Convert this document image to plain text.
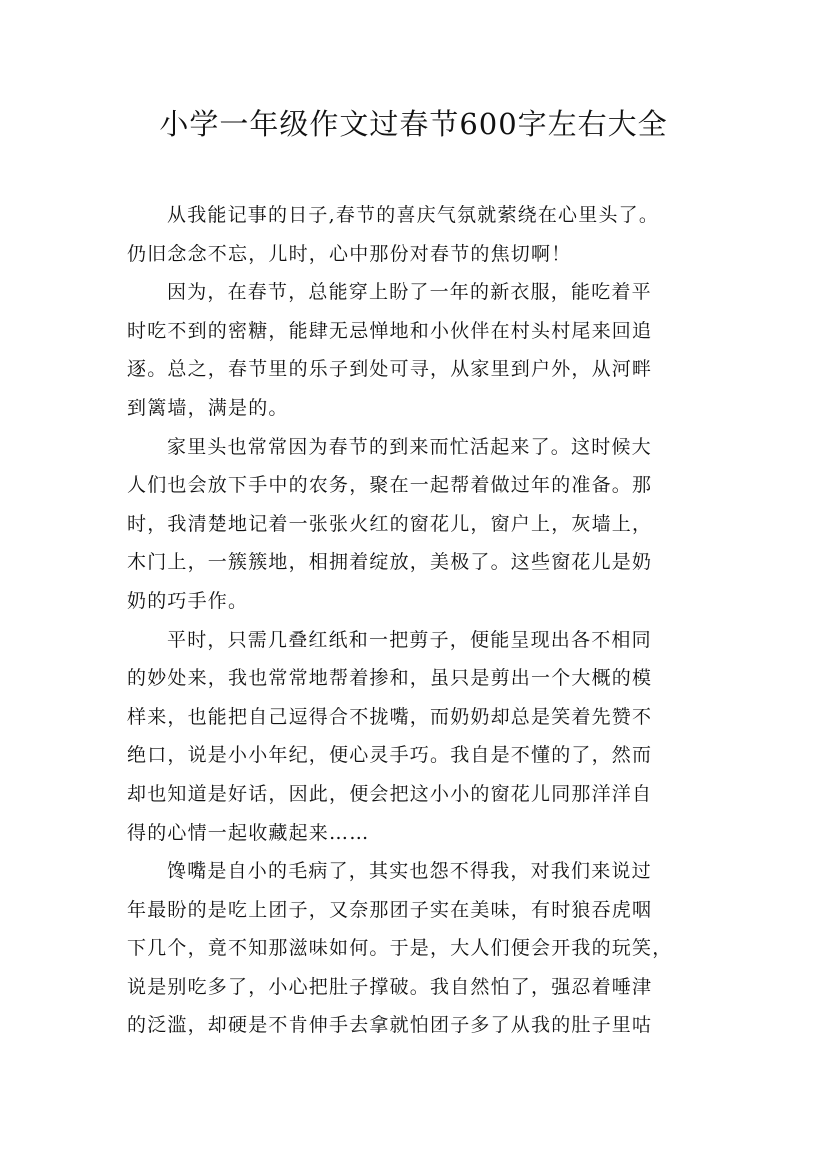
小学一年级作文过春节600字左右大全
从我能记事的日子,春节的喜庆气氛就萦绕在心里头了。
仍旧念念不忘，儿时，心中那份对春节的焦切啊！
因为，在春节，总能穿上盼了一年的新衣服，能吃着平
时吃不到的密糖，能肆无忌惮地和小伙伴在村头村尾来回追
逐。总之，春节里的乐子到处可寻，从家里到户外，从河畔
到篱墙，满是的。
家里头也常常因为春节的到来而忙活起来了。这时候大
人们也会放下手中的农务，聚在一起帮着做过年的准备。那
时，我清楚地记着一张张火红的窗花儿，窗户上，灰墙上，
木门上，一簇簇地，相拥着绽放，美极了。这些窗花儿是奶
奶的巧手作。
平时，只需几叠红纸和一把剪子，便能呈现出各不相同
的妙处来，我也常常地帮着掺和，虽只是剪出一个大概的模
样来，也能把自己逗得合不拢嘴，而奶奶却总是笑着先赞不
绝口，说是小小年纪，便心灵手巧。我自是不懂的了，然而
却也知道是好话，因此，便会把这小小的窗花儿同那洋洋自
得的心情一起收藏起来……
馋嘴是自小的毛病了，其实也怨不得我，对我们来说过
年最盼的是吃上团子，又奈那团子实在美味，有时狼吞虎咽
下几个，竟不知那滋味如何。于是，大人们便会开我的玩笑，
说是别吃多了，小心把肚子撑破。我自然怕了，强忍着唾津
的泛滥，却硬是不肯伸手去拿就怕团子多了从我的肚子里咕
